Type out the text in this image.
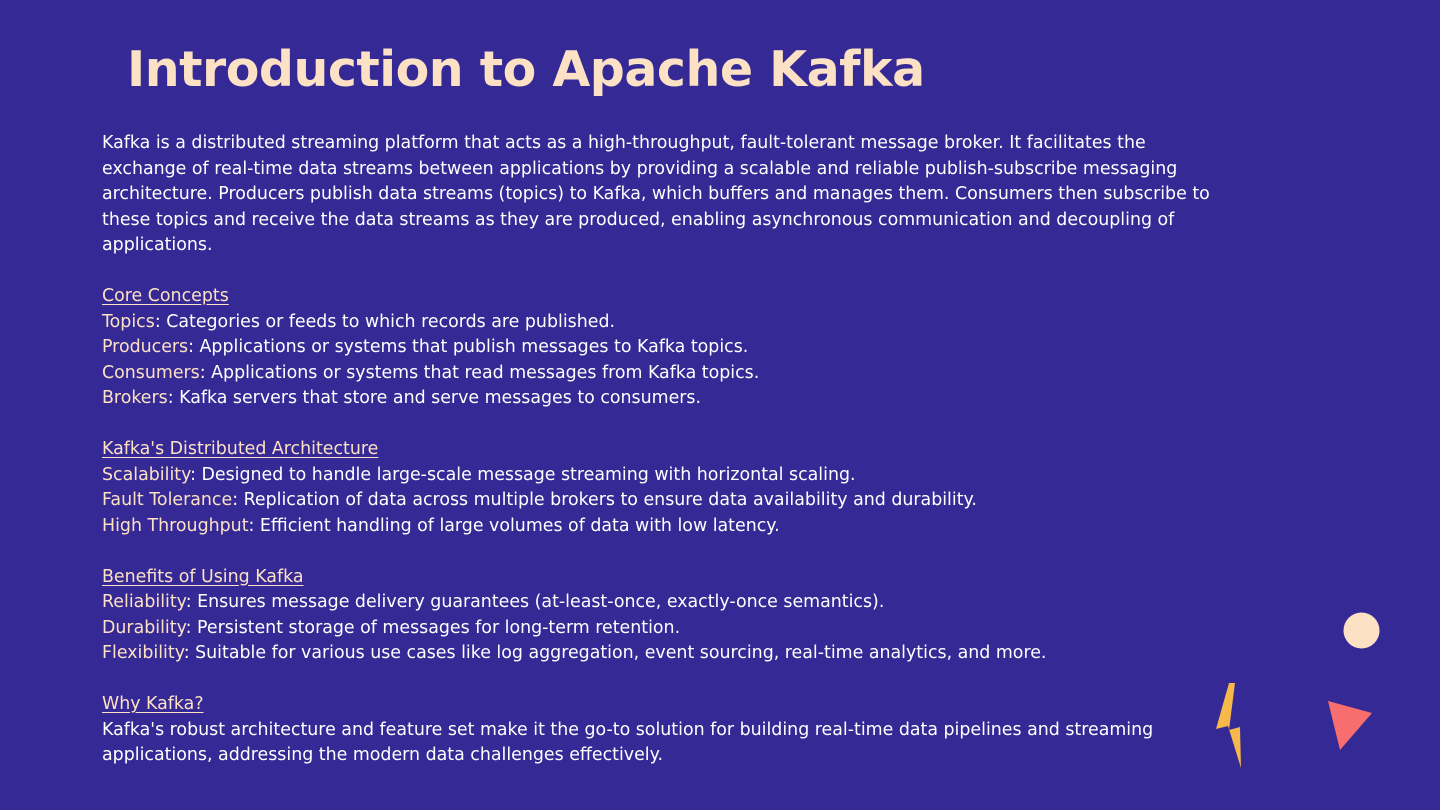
Introduction to Apache Kafka

Kafka is a distributed streaming platform that acts as a high-throughput, fault-tolerant message broker. It facilitates the exchange of real-time data streams between applications by providing a scalable and reliable publish-subscribe messaging architecture. Producers publish data streams (topics) to Kafka, which buffers and manages them. Consumers then subscribe to these topics and receive the data streams as they are produced, enabling asynchronous communication and decoupling of applications.

Core Concepts

Topics: Categories or feeds to which records are published.

Producers: Applications or systems that publish messages to Kafka topics.

Consumers: Applications or systems that read messages from Kafka topics.

Brokers: Kafka servers that store and serve messages to consumers.

Kafka's Distributed Architecture

Scalability: Designed to handle large-scale message streaming with horizontal scaling.

Fault Tolerance: Replication of data across multiple brokers to ensure data availability and durability.

High Throughput: Efficient handling of large volumes of data with low latency.

Benefits of Using Kafka

Reliability: Ensures message delivery guarantees (at-least-once, exactly-once semantics).

Durability: Persistent storage of messages for long-term retention.

Flexibility: Suitable for various use cases like log aggregation, event sourcing, real-time analytics, and more.

Why Kafka?

Kafka's robust architecture and feature set make it the go-to solution for building real-time data pipelines and streaming applications, addressing the modern data challenges effectively.
